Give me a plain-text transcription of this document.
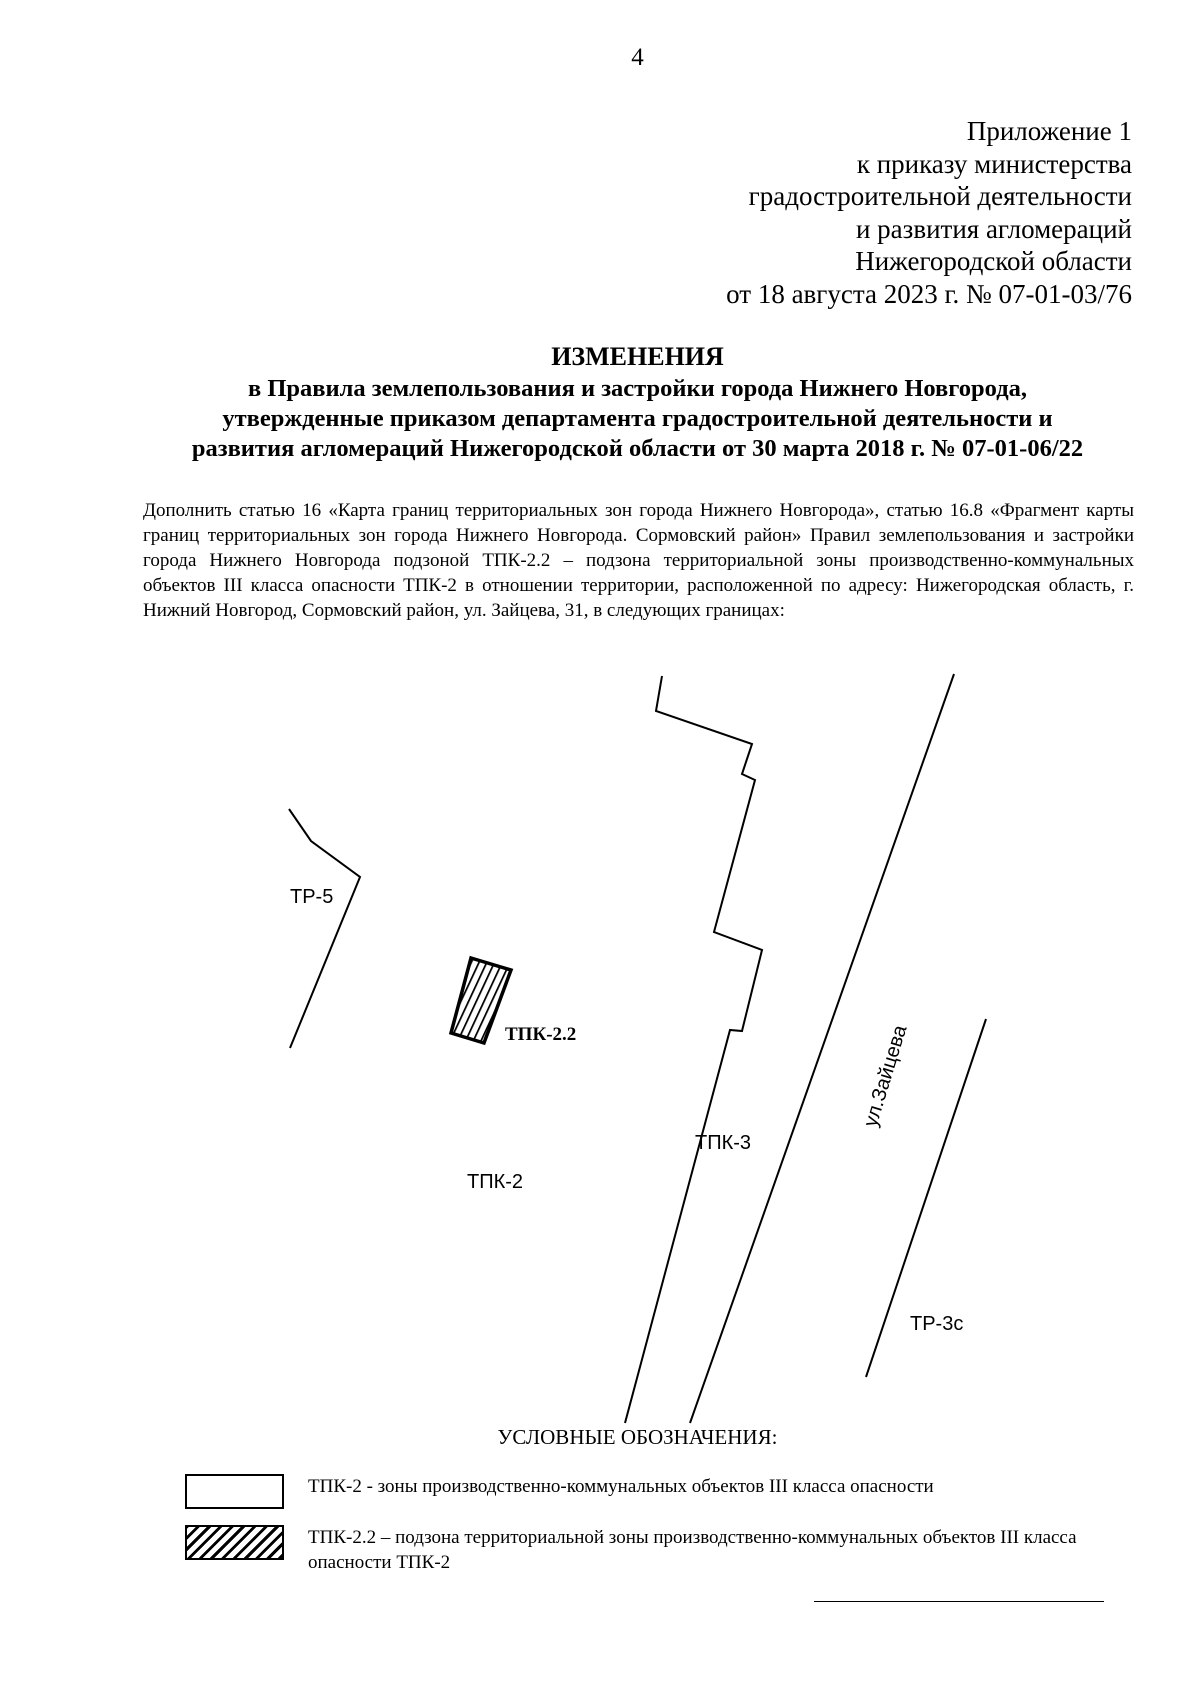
4
Приложение 1
к приказу министерства
градостроительной деятельности
и развития агломераций
Нижегородской области
от 18 августа 2023 г. № 07-01-03/76
ИЗМЕНЕНИЯ
в Правила землепользования и застройки города Нижнего Новгорода,
утвержденные приказом департамента градостроительной деятельности и
развития агломераций Нижегородской области от 30 марта 2018 г. № 07-01-06/22
Дополнить статью 16 «Карта границ территориальных зон города Нижнего Новгорода», статью 16.8 «Фрагмент карты границ территориальных зон города Нижнего Новгорода. Сормовский район» Правил землепользования и застройки города Нижнего Новгорода подзоной ТПК-2.2 – подзона территориальной зоны производственно-коммунальных объектов III класса опасности ТПК-2 в отношении территории, расположенной по адресу: Нижегородская область, г. Нижний Новгород, Сормовский район, ул. Зайцева, 31, в следующих границах:
ТПК-2.2
ТР-5
ТПК-2
ТПК-3
ТР-3с
ул.Зайцева
УСЛОВНЫЕ ОБОЗНАЧЕНИЯ:
ТПК-2 - зоны производственно-коммунальных объектов III класса опасности
ТПК-2.2 – подзона территориальной зоны производственно-коммунальных объектов III класса опасности ТПК-2
